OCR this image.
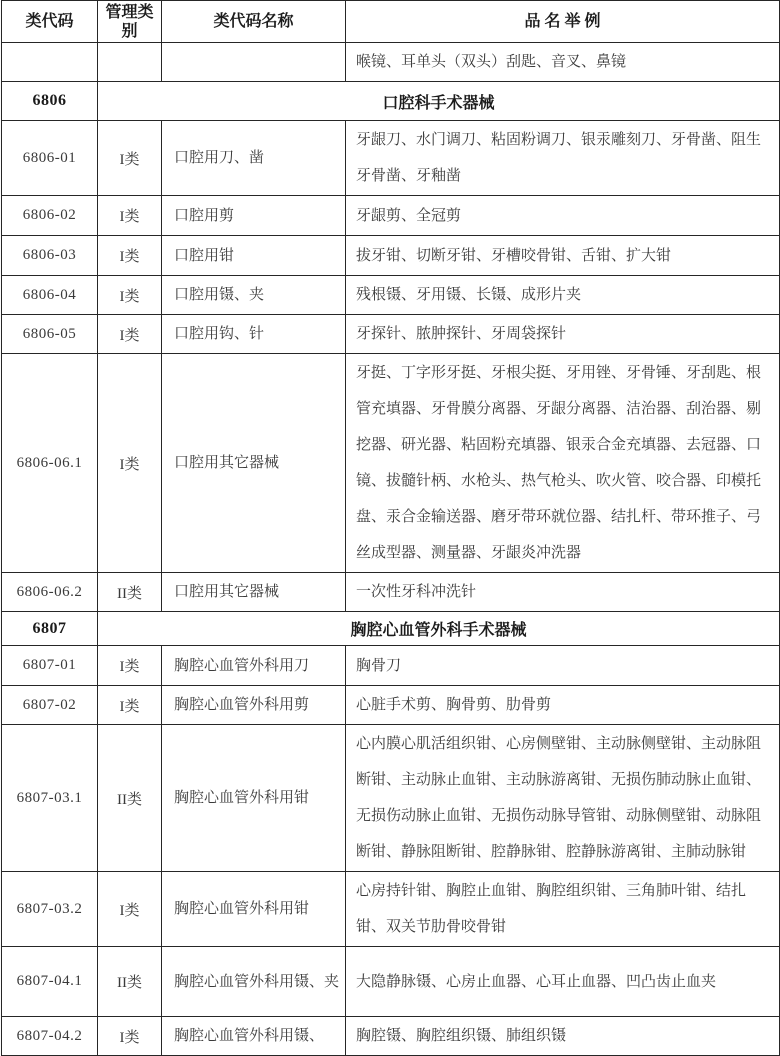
类代码	管理类别	类代码名称	品 名 举 例
			喉镜、耳单头（双头）刮匙、音叉、鼻镜
6806	口腔科手术器械		
6806-01	I类	口腔用刀、凿	牙龈刀、水门调刀、粘固粉调刀、银汞雕刻刀、牙骨凿、阻生牙骨凿、牙釉凿
6806-02	I类	口腔用剪	牙龈剪、全冠剪
6806-03	I类	口腔用钳	拔牙钳、切断牙钳、牙槽咬骨钳、舌钳、扩大钳
6806-04	I类	口腔用镊、夹	残根镊、牙用镊、长镊、成形片夹
6806-05	I类	口腔用钩、针	牙探针、脓肿探针、牙周袋探针
6806-06.1	I类	口腔用其它器械	牙挺、丁字形牙挺、牙根尖挺、牙用锉、牙骨锤、牙刮匙、根管充填器、牙骨膜分离器、牙龈分离器、洁治器、刮治器、剔挖器、研光器、粘固粉充填器、银汞合金充填器、去冠器、口镜、拔髓针柄、水枪头、热气枪头、吹火管、咬合器、印模托盘、汞合金输送器、磨牙带环就位器、结扎杆、带环推子、弓丝成型器、测量器、牙龈炎冲洗器
6806-06.2	II类	口腔用其它器械	一次性牙科冲洗针
6807	胸腔心血管外科手术器械		
6807-01	I类	胸腔心血管外科用刀	胸骨刀
6807-02	I类	胸腔心血管外科用剪	心脏手术剪、胸骨剪、肋骨剪
6807-03.1	II类	胸腔心血管外科用钳	心内膜心肌活组织钳、心房侧壁钳、主动脉侧壁钳、主动脉阻断钳、主动脉止血钳、主动脉游离钳、无损伤肺动脉止血钳、无损伤动脉止血钳、无损伤动脉导管钳、动脉侧壁钳、动脉阻断钳、静脉阻断钳、腔静脉钳、腔静脉游离钳、主肺动脉钳
6807-03.2	I类	胸腔心血管外科用钳	心房持针钳、胸腔止血钳、胸腔组织钳、三角肺叶钳、结扎钳、双关节肋骨咬骨钳
6807-04.1	II类	胸腔心血管外科用镊、夹	大隐静脉镊、心房止血器、心耳止血器、凹凸齿止血夹
6807-04.2	I类	胸腔心血管外科用镊、	胸腔镊、胸腔组织镊、肺组织镊
